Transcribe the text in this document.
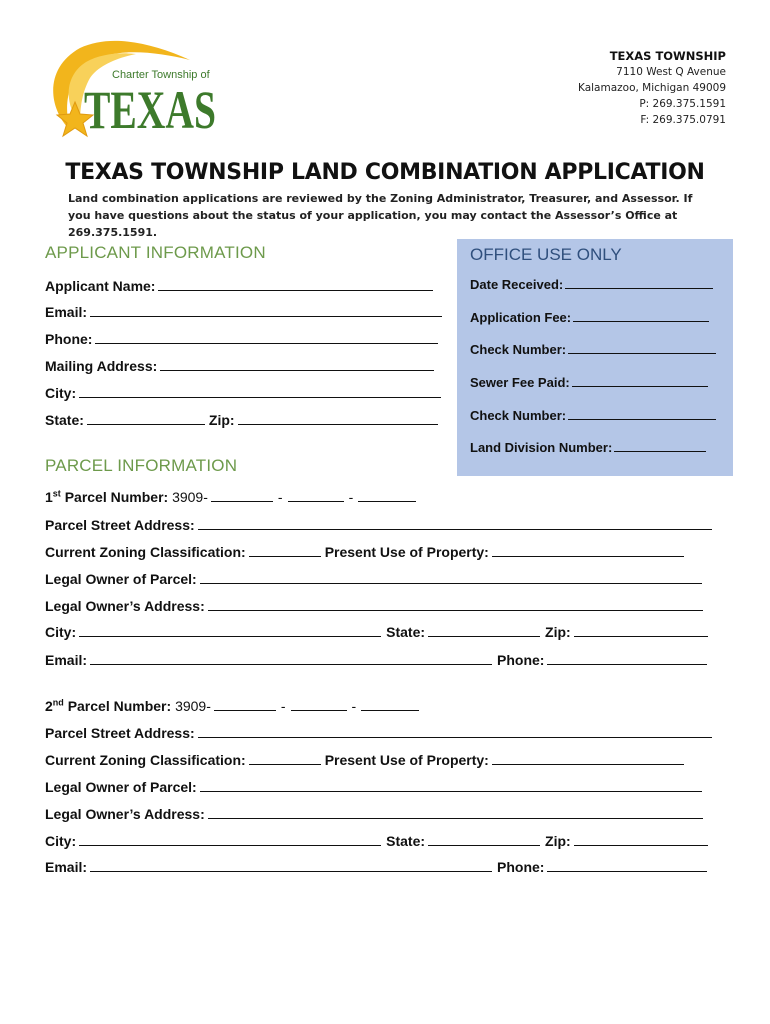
Charter Township of
TEXAS
TEXAS TOWNSHIP
7110 West Q Avenue
Kalamazoo, Michigan 49009
P: 269.375.1591
F: 269.375.0791
TEXAS TOWNSHIP LAND COMBINATION APPLICATION
Land combination applications are reviewed by the Zoning Administrator, Treasurer, and Assessor. If you have questions about the status of your application, you may contact the Assessor’s Office at 269.375.1591.
APPLICANT INFORMATION
Applicant Name:
Email:
Phone:
Mailing Address:
City:
State:	Zip:
OFFICE USE ONLY
Date Received:
Application Fee:
Check Number:
Sewer Fee Paid:
Check Number:
Land Division Number:
PARCEL INFORMATION
1st Parcel Number: 3909-	-	-
Parcel Street Address:
Current Zoning Classification:	Present Use of Property:
Legal Owner of Parcel:
Legal Owner’s Address:
City:	State:	Zip:
Email:	Phone:
2nd Parcel Number: 3909-	-	-
Parcel Street Address:
Current Zoning Classification:	Present Use of Property:
Legal Owner of Parcel:
Legal Owner’s Address:
City:	State:	Zip:
Email:	Phone:
